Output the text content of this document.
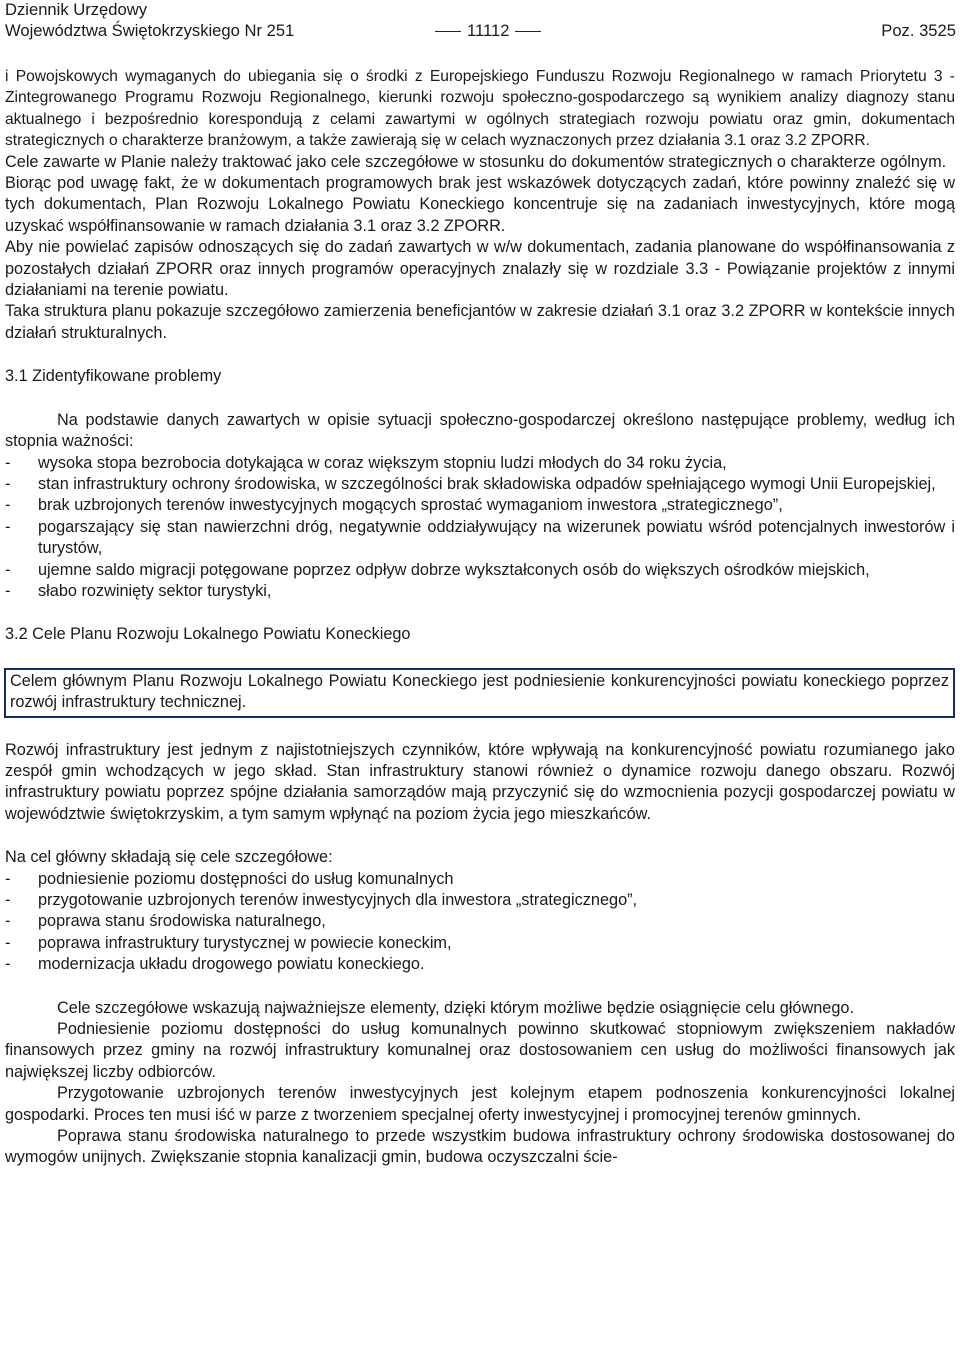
Dziennik Urzędowy
Województwa Świętokrzyskiego Nr 251	11112	Poz. 3525

i Powojskowych wymaganych do ubiegania się o środki z Europejskiego Funduszu Rozwoju Regionalnego w ramach Priorytetu 3 - Zintegrowanego Programu Rozwoju Regionalnego, kierunki rozwoju społeczno-gospodarczego są wynikiem analizy diagnozy stanu aktualnego i bezpośrednio korespondują z celami zawartymi w ogólnych strategiach rozwoju powiatu oraz gmin, dokumentach strategicznych o charakterze branżowym, a także zawierają się w celach wyznaczonych przez działania 3.1 oraz 3.2 ZPORR.

Cele zawarte w Planie należy traktować jako cele szczegółowe w stosunku do dokumentów strategicznych o charakterze ogólnym.

Biorąc pod uwagę fakt, że w dokumentach programowych brak jest wskazówek dotyczących zadań, które powinny znaleźć się w tych dokumentach, Plan Rozwoju Lokalnego Powiatu Koneckiego koncentruje się na zadaniach inwestycyjnych, które mogą uzyskać współfinansowanie w ramach działania 3.1 oraz 3.2 ZPORR.

Aby nie powielać zapisów odnoszących się do zadań zawartych w w/w dokumentach, zadania planowane do współfinansowania z pozostałych działań ZPORR oraz innych programów operacyjnych znalazły się w rozdziale 3.3 - Powiązanie projektów z innymi działaniami na terenie powiatu.

Taka struktura planu pokazuje szczegółowo zamierzenia beneficjantów w zakresie działań 3.1 oraz 3.2 ZPORR w kontekście innych działań strukturalnych.

3.1 Zidentyfikowane problemy

Na podstawie danych zawartych w opisie sytuacji społeczno-gospodarczej określono następujące problemy, według ich stopnia ważności:

- wysoka stopa bezrobocia dotykająca w coraz większym stopniu ludzi młodych do 34 roku życia,
- stan infrastruktury ochrony środowiska, w szczególności brak składowiska odpadów spełniającego wymogi Unii Europejskiej,
- brak uzbrojonych terenów inwestycyjnych mogących sprostać wymaganiom inwestora „strategicznego”,
- pogarszający się stan nawierzchni dróg, negatywnie oddziaływujący na wizerunek powiatu wśród potencjalnych inwestorów i turystów,
- ujemne saldo migracji potęgowane poprzez odpływ dobrze wykształconych osób do większych ośrodków miejskich,
- słabo rozwinięty sektor turystyki,

3.2 Cele Planu Rozwoju Lokalnego Powiatu Koneckiego

Celem głównym Planu Rozwoju Lokalnego Powiatu Koneckiego jest podniesienie konkurencyjności powiatu koneckiego poprzez rozwój infrastruktury technicznej.

Rozwój infrastruktury jest jednym z najistotniejszych czynników, które wpływają na konkurencyjność powiatu rozumianego jako zespół gmin wchodzących w jego skład. Stan infrastruktury stanowi również o dynamice rozwoju danego obszaru. Rozwój infrastruktury powiatu poprzez spójne działania samorządów mają przyczynić się do wzmocnienia pozycji gospodarczej powiatu w województwie świętokrzyskim, a tym samym wpłynąć na poziom życia jego mieszkańców.

Na cel główny składają się cele szczegółowe:

- podniesienie poziomu dostępności do usług komunalnych
- przygotowanie uzbrojonych terenów inwestycyjnych dla inwestora „strategicznego”,
- poprawa stanu środowiska naturalnego,
- poprawa infrastruktury turystycznej w powiecie koneckim,
- modernizacja układu drogowego powiatu koneckiego.

Cele szczegółowe wskazują najważniejsze elementy, dzięki którym możliwe będzie osiągnięcie celu głównego.

Podniesienie poziomu dostępności do usług komunalnych powinno skutkować stopniowym zwiększeniem nakładów finansowych przez gminy na rozwój infrastruktury komunalnej oraz dostosowaniem cen usług do możliwości finansowych jak największej liczby odbiorców.

Przygotowanie uzbrojonych terenów inwestycyjnych jest kolejnym etapem podnoszenia konkurencyjności lokalnej gospodarki. Proces ten musi iść w parze z tworzeniem specjalnej oferty inwestycyjnej i promocyjnej terenów gminnych.

Poprawa stanu środowiska naturalnego to przede wszystkim budowa infrastruktury ochrony środowiska dostosowanej do wymogów unijnych. Zwiększanie stopnia kanalizacji gmin, budowa oczyszczalni ście-
